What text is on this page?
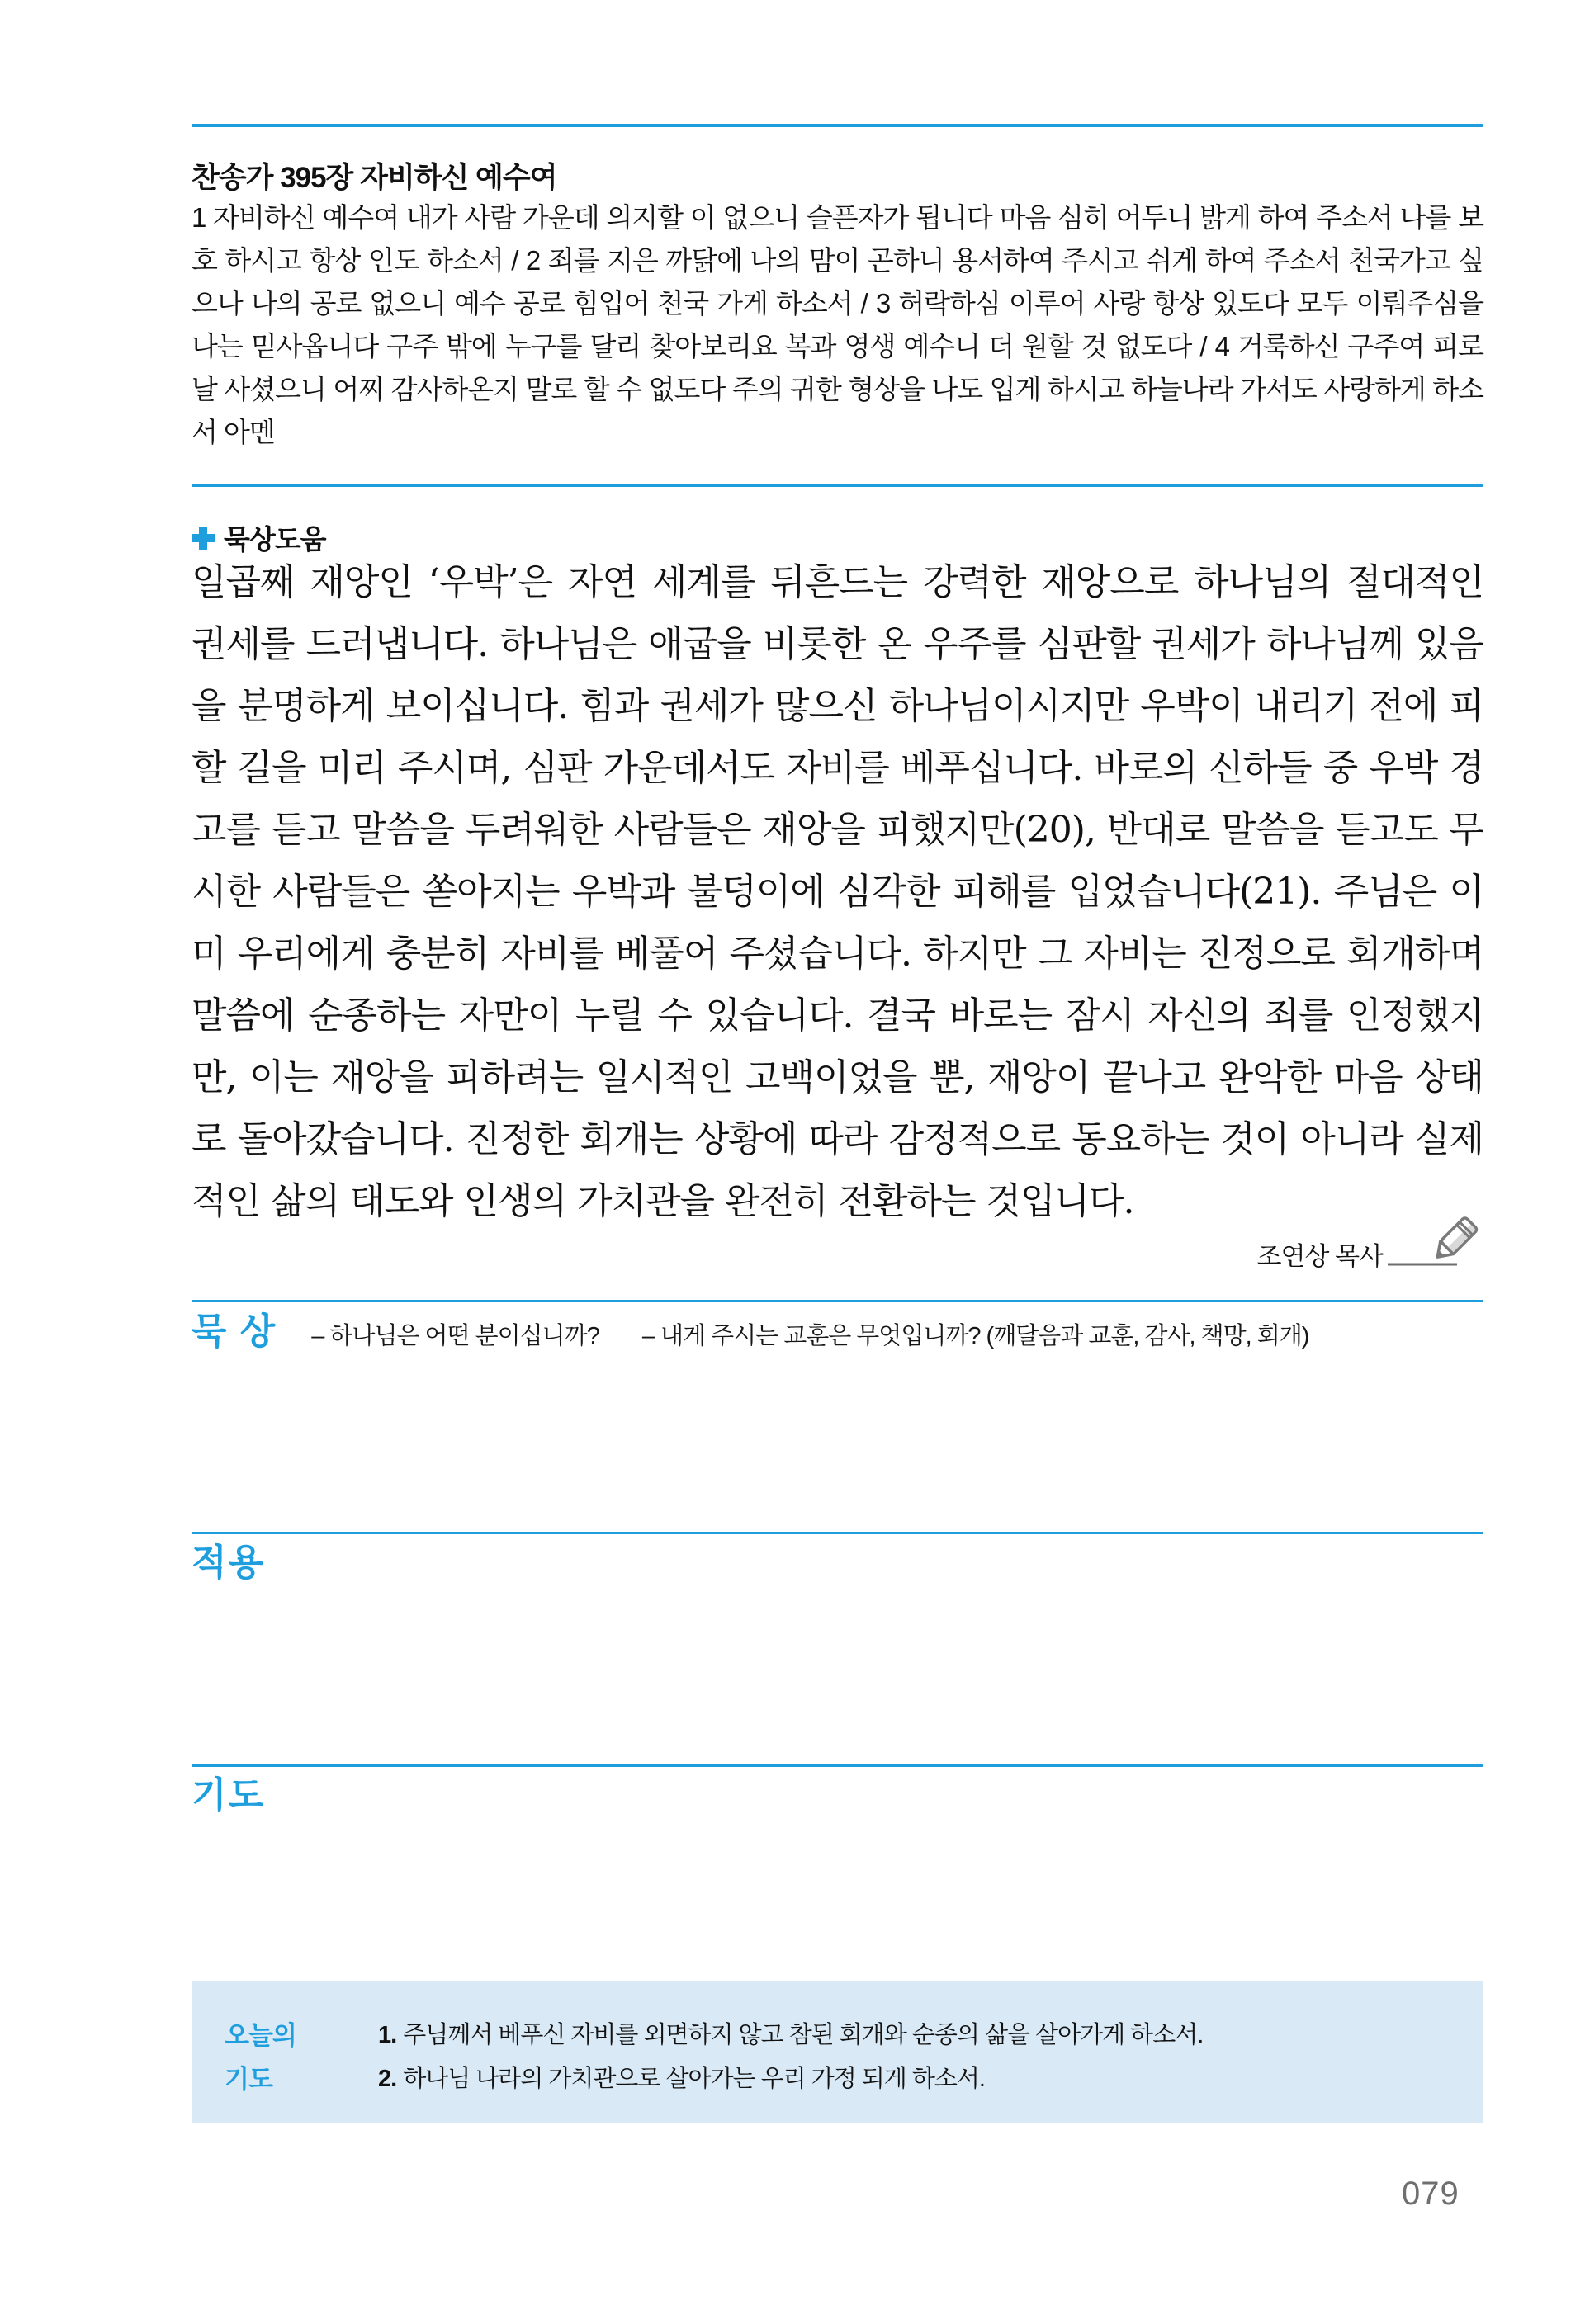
찬송가 395장 자비하신 예수여

1 자비하신 예수여 내가 사람 가운데 의지할 이 없으니 슬픈자가 됩니다 마음 심히 어두니 밝게 하여 주소서 나를 보호 하시고 항상 인도 하소서 / 2 죄를 지은 까닭에 나의 맘이 곤하니 용서하여 주시고 쉬게 하여 주소서 천국가고 싶으나 나의 공로 없으니 예수 공로 힘입어 천국 가게 하소서 / 3 허락하심 이루어 사랑 항상 있도다 모두 이뤄주심을 나는 믿사옵니다 구주 밖에 누구를 달리 찾아보리요 복과 영생 예수니 더 원할 것 없도다 / 4 거룩하신 구주여 피로 날 사셨으니 어찌 감사하온지 말로 할 수 없도다 주의 귀한 형상을 나도 입게 하시고 하늘나라 가서도 사랑하게 하소서 아멘

묵상도움

일곱째 재앙인 ‘우박’은 자연 세계를 뒤흔드는 강력한 재앙으로 하나님의 절대적인 권세를 드러냅니다. 하나님은 애굽을 비롯한 온 우주를 심판할 권세가 하나님께 있음을 분명하게 보이십니다. 힘과 권세가 많으신 하나님이시지만 우박이 내리기 전에 피할 길을 미리 주시며, 심판 가운데서도 자비를 베푸십니다. 바로의 신하들 중 우박 경고를 듣고 말씀을 두려워한 사람들은 재앙을 피했지만(20), 반대로 말씀을 듣고도 무시한 사람들은 쏟아지는 우박과 불덩이에 심각한 피해를 입었습니다(21). 주님은 이미 우리에게 충분히 자비를 베풀어 주셨습니다. 하지만 그 자비는 진정으로 회개하며 말씀에 순종하는 자만이 누릴 수 있습니다. 결국 바로는 잠시 자신의 죄를 인정했지만, 이는 재앙을 피하려는 일시적인 고백이었을 뿐, 재앙이 끝나고 완악한 마음 상태로 돌아갔습니다. 진정한 회개는 상황에 따라 감정적으로 동요하는 것이 아니라 실제적인 삶의 태도와 인생의 가치관을 완전히 전환하는 것입니다.

조연상 목사
묵 상 – 하나님은 어떤 분이십니까? – 내게 주시는 교훈은 무엇입니까? (깨달음과 교훈, 감사, 책망, 회개)
적용
기도
오늘의
기도
1. 주님께서 베푸신 자비를 외면하지 않고 참된 회개와 순종의 삶을 살아가게 하소서.
2. 하나님 나라의 가치관으로 살아가는 우리 가정 되게 하소서.
079
